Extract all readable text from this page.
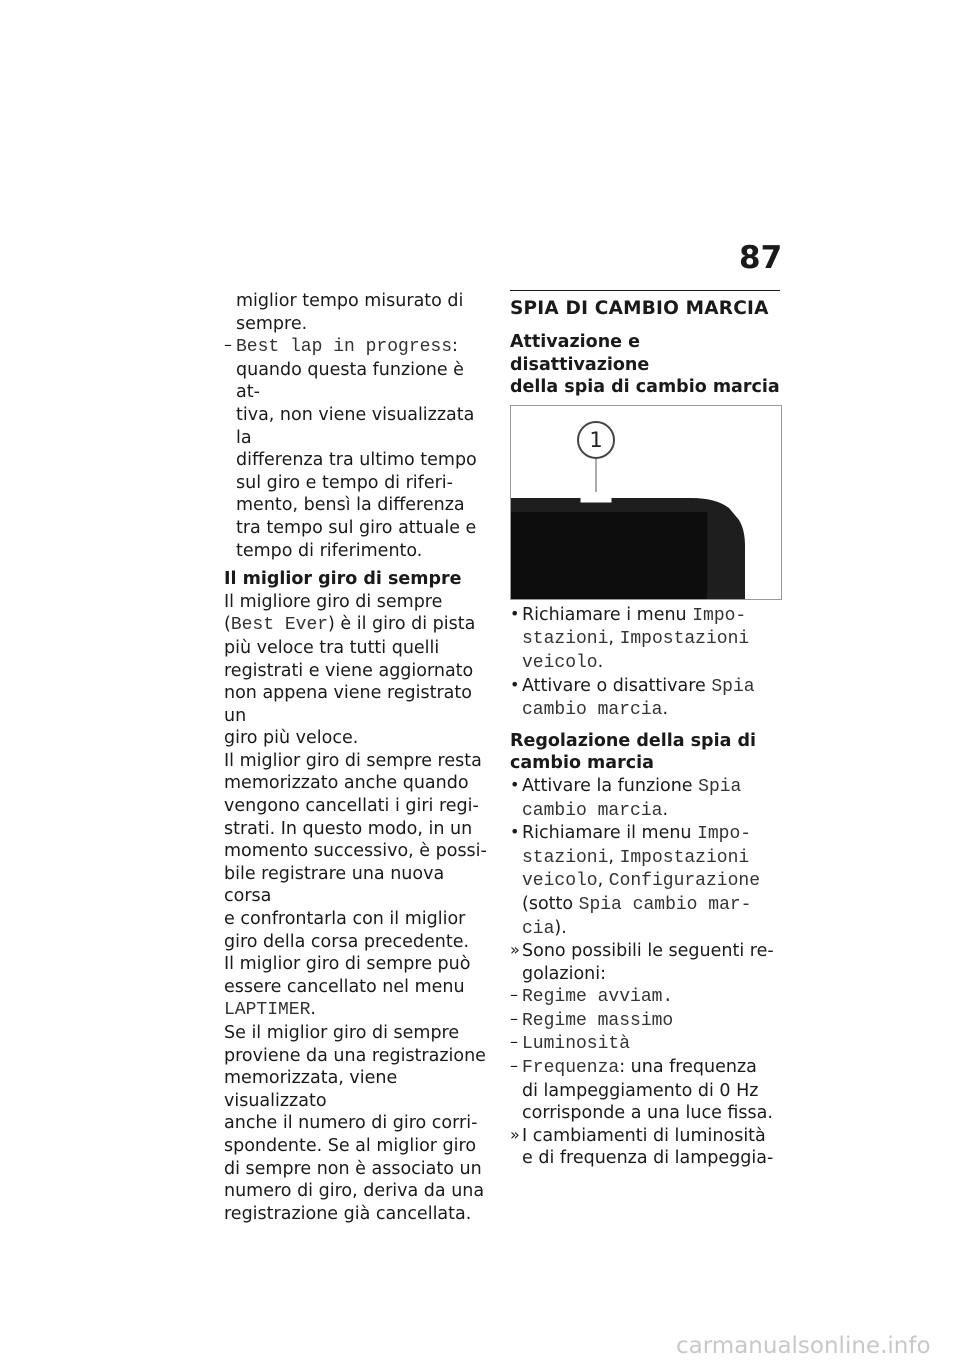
87

miglior tempo misurato di

sempre.

– Best lap in progress:

quando questa funzione è at-

tiva, non viene visualizzata la

differenza tra ultimo tempo

sul giro e tempo di riferi-

mento, bensì la differenza

tra tempo sul giro attuale e

tempo di riferimento.

Il miglior giro di sempre

Il migliore giro di sempre

(Best Ever) è il giro di pista

più veloce tra tutti quelli

registrati e viene aggiornato

non appena viene registrato un

giro più veloce.

Il miglior giro di sempre resta

memorizzato anche quando

vengono cancellati i giri regi-

strati. In questo modo, in un

momento successivo, è possi-

bile registrare una nuova corsa

e confrontarla con il miglior

giro della corsa precedente.

Il miglior giro di sempre può

essere cancellato nel menu

LAPTIMER.

Se il miglior giro di sempre

proviene da una registrazione

memorizzata, viene visualizzato

anche il numero di giro corri-

spondente. Se al miglior giro

di sempre non è associato un

numero di giro, deriva da una

registrazione già cancellata.

SPIA DI CAMBIO MARCIA

Attivazione e disattivazione

della spia di cambio marcia

1
• Richiamare i menu Impo-

stazioni, Impostazioni

veicolo.

• Attivare o disattivare Spia

cambio marcia.

Regolazione della spia di

cambio marcia

• Attivare la funzione Spia

cambio marcia.

• Richiamare il menu Impo-

stazioni, Impostazioni

veicolo, Configurazione

(sotto Spia cambio mar-

cia).

» Sono possibili le seguenti re-

golazioni:

– Regime avviam.

– Regime massimo

– Luminosità

– Frequenza: una frequenza

di lampeggiamento di 0 Hz

corrisponde a una luce fissa.

» I cambiamenti di luminosità

e di frequenza di lampeggia-

carmanualsonline.info
